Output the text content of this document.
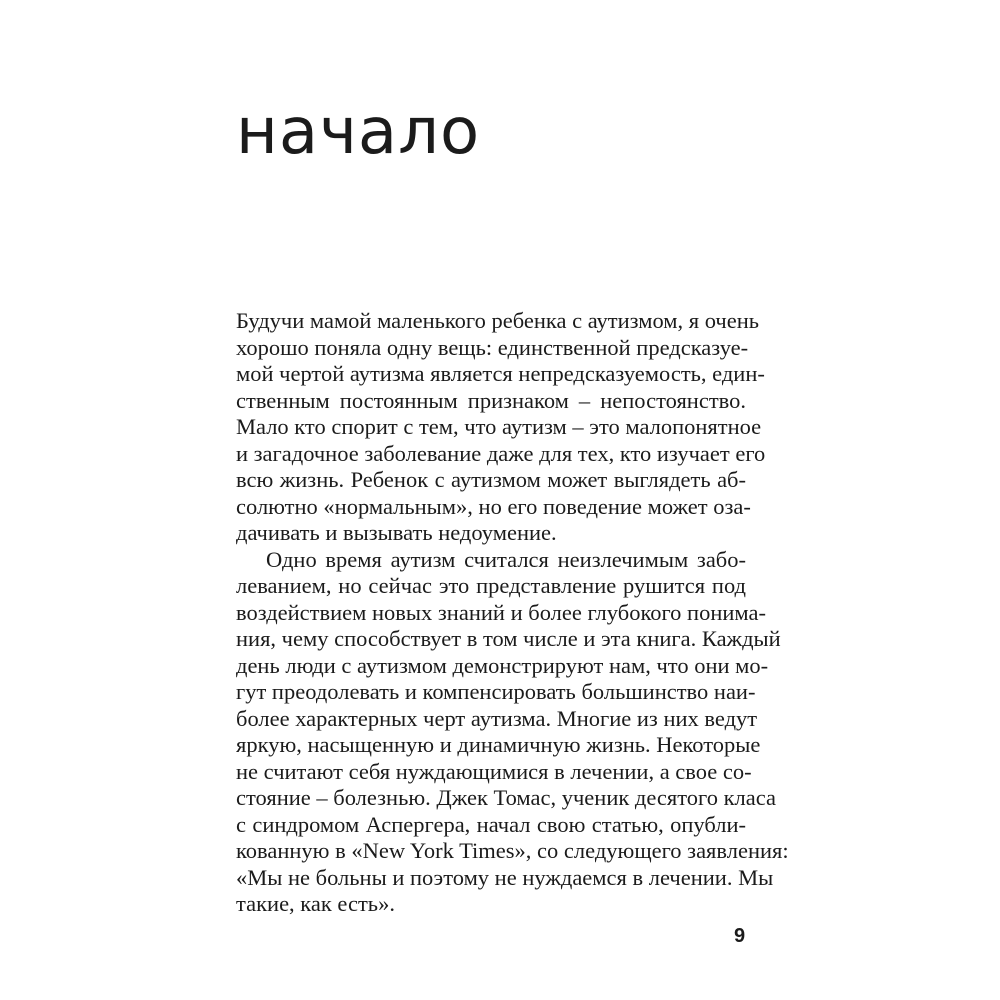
начало
Будучи мамой маленького ребенка с аутизмом, я очень
хорошо поняла одну вещь: единственной предсказуе-
мой чертой аутизма является непредсказуемость, един-
ственным постоянным признаком – непостоянство.
Мало кто спорит с тем, что аутизм – это малопонятное
и загадочное заболевание даже для тех, кто изучает его
всю жизнь. Ребенок с аутизмом может выглядеть аб-
солютно «нормальным», но его поведение может оза-
дачивать и вызывать недоумение.
Одно время аутизм считался неизлечимым забо-
леванием, но сейчас это представление рушится под
воздействием новых знаний и более глубокого понима-
ния, чему способствует в том числе и эта книга. Каждый
день люди с аутизмом демонстрируют нам, что они мо-
гут преодолевать и компенсировать большинство наи-
более характерных черт аутизма. Многие из них ведут
яркую, насыщенную и динамичную жизнь. Некоторые
не считают себя нуждающимися в лечении, а свое со-
стояние – болезнью. Джек Томас, ученик десятого класа
с синдромом Аспергера, начал свою статью, опубли-
кованную в «New York Times», со следующего заявления:
«Мы не больны и поэтому не нуждаемся в лечении. Мы
такие, как есть».
9
